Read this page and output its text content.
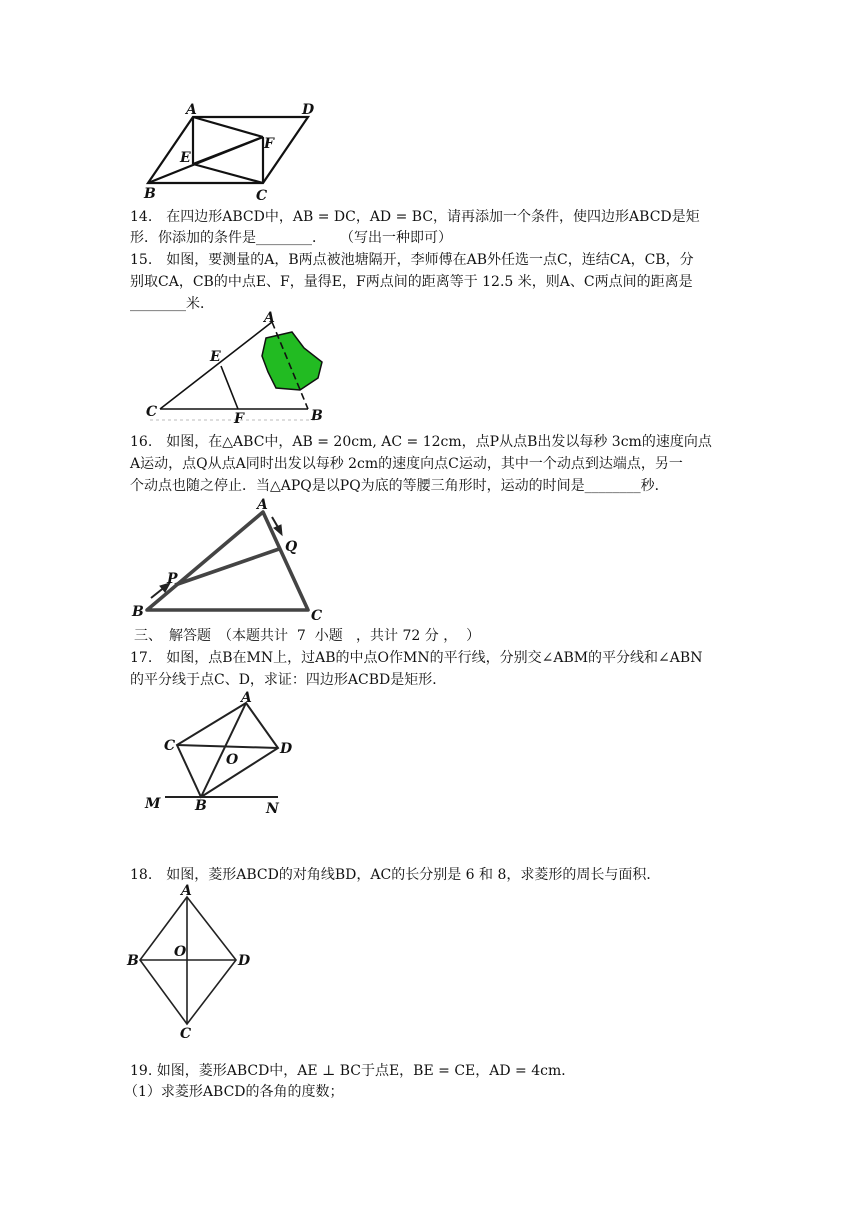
A	D
E
F
B	C
14.　在四边形ABCD中，AB = DC，AD = BC，请再添加一个条件，使四边形ABCD是矩
形．你添加的条件是________．　　（写出一种即可）
15.　如图，要测量的A，B两点被池塘隔开，李师傅在AB外任选一点C，连结CA，CB，分
别取CA，CB的中点E、F，量得E，F两点间的距离等于 12.5 米，则A、C两点间的距离是
________米．
A
E
C	F	B
16.　如图，在△ABC中，AB = 20cm, AC = 12cm，点P从点B出发以每秒 3cm的速度向点
A运动，点Q从点A同时出发以每秒 2cm的速度向点C运动，其中一个动点到达端点，另一
个动点也随之停止．当△APQ是以PQ为底的等腰三角形时，运动的时间是________秒．
A
Q
P
B	C
三、　解答题　（本题共计  7  小题   ，共计 72 分 ，  ）
17.　如图，点B在MN上，过AB的中点O作MN的平行线，分别交∠ABM的平分线和∠ABN
的平分线于点C、D，求证：四边形ACBD是矩形．
A
C	D
O
M B	N
18.　如图，菱形ABCD的对角线BD，AC的长分别是 6 和 8，求菱形的周长与面积．
A
B
O
D
C
19. 如图，菱形ABCD中，AE ⊥ BC于点E，BE = CE，AD = 4cm．
（1）求菱形ABCD的各角的度数；
